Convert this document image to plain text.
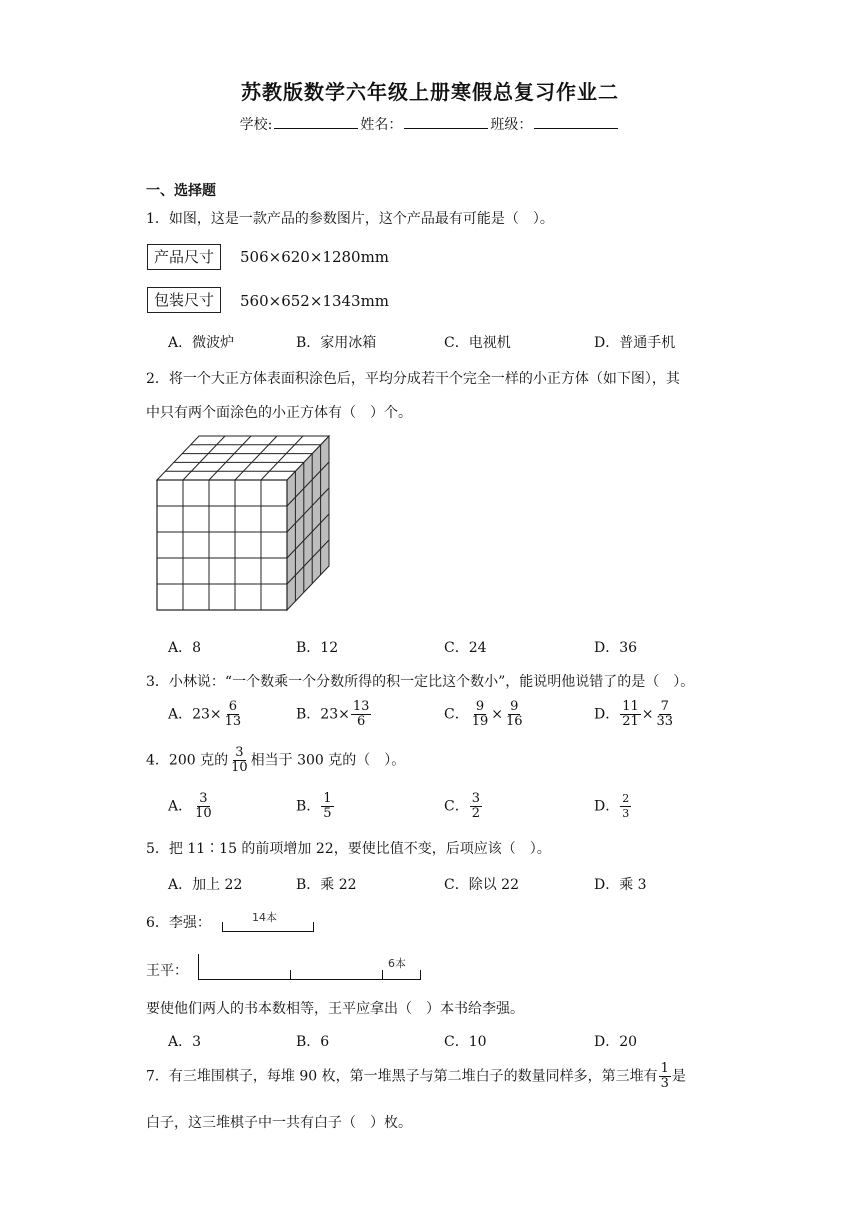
苏教版数学六年级上册寒假总复习作业二
学校:	姓名：	班级：
一、选择题
1．如图，这是一款产品的参数图片，这个产品最有可能是（　）。
产品尺寸	506×620×1280mm
包装尺寸	560×652×1343mm
A．微波炉	B．家用冰箱	C．电视机	D．普通手机
2．将一个大正方体表面积涂色后，平均分成若干个完全一样的小正方体（如下图），其
中只有两个面涂色的小正方体有（　）个。
A．8	B．12	C．24	D．36
3．小林说：“一个数乘一个分数所得的积一定比这个数小”，能说明他说错了的是（　）。
A．$23\times \frac{6}{13}$	B．$23\times \frac{13}{6}$	C． $\frac{9}{19} \times \frac{9}{16}$	D． $\frac{11}{21} \times \frac{7}{33}$
4．200 克的 $\frac{3}{10}$ 相当于 300 克的（　）。
A． $\frac{3}{10}$	B． $\frac{1}{5}$	C． $\frac{3}{2}$	D． $\frac{2}{3}$
5．把 11∶15 的前项增加 22，要使比值不变，后项应该（　）。
A．加上 22	B．乘 22	C．除以 22	D．乘 3
6．李强：	14本
王平：	6本
要使他们两人的书本数相等，王平应拿出（　）本书给李强。
A．3	B．6	C．10	D．20
7．有三堆围棋子，每堆 90 枚，第一堆黑子与第二堆白子的数量同样多，第三堆有 $\frac{1}{3}$ 是
白子，这三堆棋子中一共有白子（　）枚。
